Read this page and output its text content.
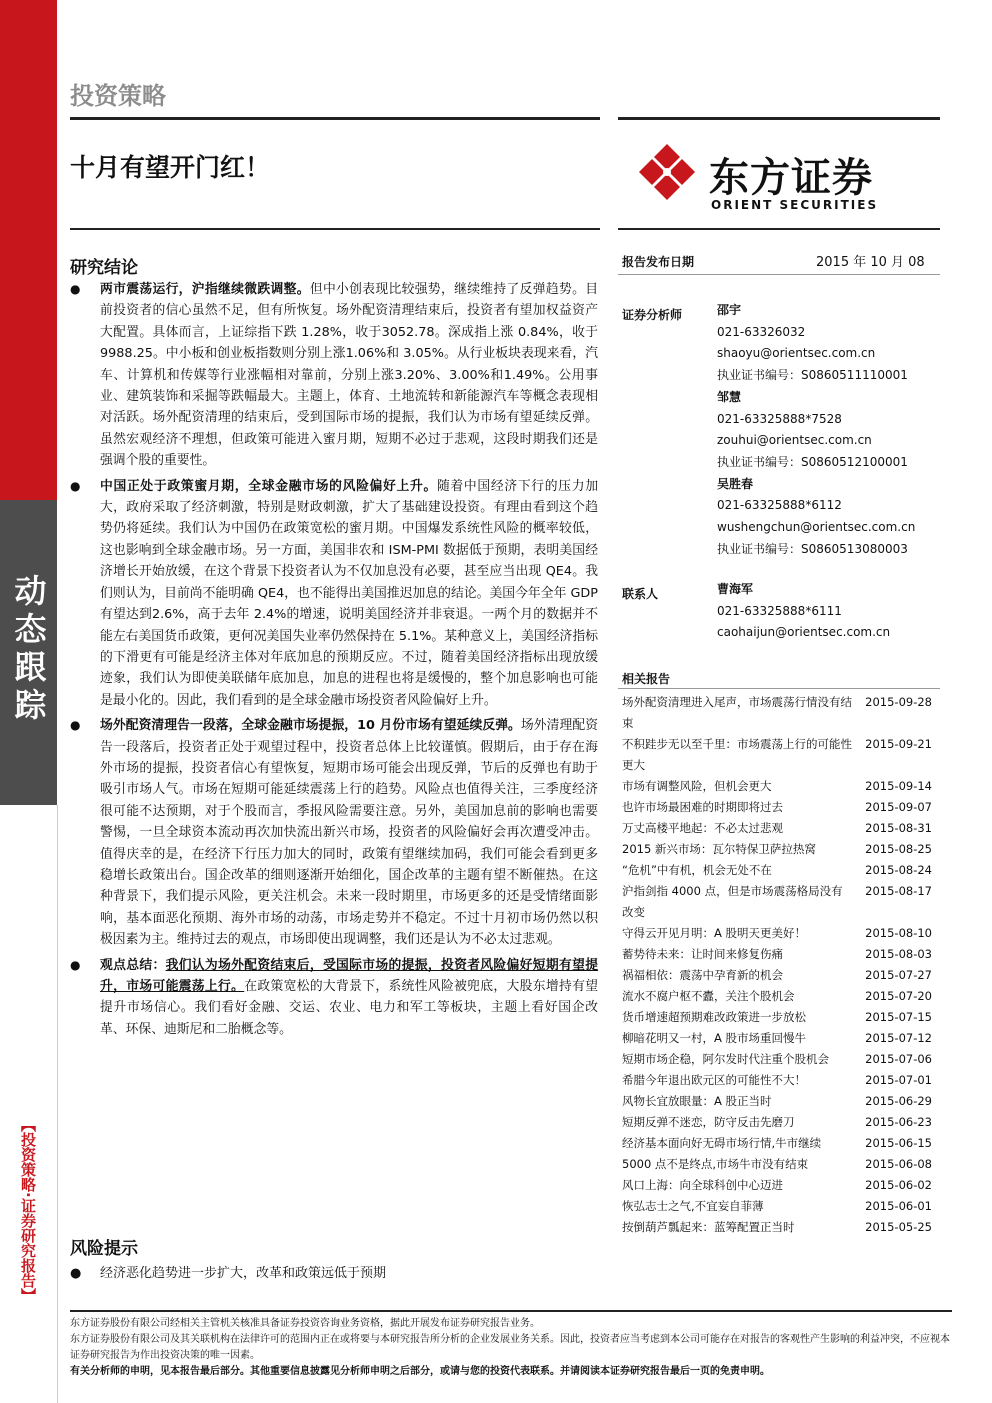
动态跟踪
【投资策略·证券研究报告】
投资策略
十月有望开门红！	东方证券
ORIENT SECURITIES
研究结论
● 两市震荡运行，沪指继续微跌调整。但中小创表现比较强势，继续维持了反弹趋势。目前投资者的信心虽然不足，但有所恢复。场外配资清理结束后，投资者有望加权益资产大配置。具体而言，上证综指下跌 1.28%，收于3052.78。深成指上涨 0.84%，收于 9988.25。中小板和创业板指数则分别上涨1.06%和 3.05%。从行业板块表现来看，汽车、计算机和传媒等行业涨幅相对靠前，分别上涨3.20%、3.00%和1.49%。公用事业、建筑装饰和采掘等跌幅最大。主题上，体育、土地流转和新能源汽车等概念表现相对活跃。场外配资清理的结束后，受到国际市场的提振，我们认为市场有望延续反弹。虽然宏观经济不理想，但政策可能进入蜜月期，短期不必过于悲观，这段时期我们还是强调个股的重要性。
● 中国正处于政策蜜月期，全球金融市场的风险偏好上升。随着中国经济下行的压力加大，政府采取了经济刺激，特别是财政刺激，扩大了基础建设投资。有理由看到这个趋势仍将延续。我们认为中国仍在政策宽松的蜜月期。中国爆发系统性风险的概率较低，这也影响到全球金融市场。另一方面，美国非农和 ISM-PMI 数据低于预期，表明美国经济增长开始放缓，在这个背景下投资者认为不仅加息没有必要，甚至应当出现 QE4。我们则认为，目前尚不能明确 QE4，也不能得出美国推迟加息的结论。美国今年全年 GDP 有望达到2.6%，高于去年 2.4%的增速，说明美国经济并非衰退。一两个月的数据并不能左右美国货币政策，更何况美国失业率仍然保持在 5.1%。某种意义上，美国经济指标的下滑更有可能是经济主体对年底加息的预期反应。不过，随着美国经济指标出现放缓迹象，我们认为即使美联储年底加息，加息的进程也将是缓慢的，整个加息影响也可能是最小化的。因此，我们看到的是全球金融市场投资者风险偏好上升。
● 场外配资清理告一段落，全球金融市场提振，10 月份市场有望延续反弹。场外清理配资告一段落后，投资者正处于观望过程中，投资者总体上比较谨慎。假期后，由于存在海外市场的提振，投资者信心有望恢复，短期市场可能会出现反弹，节后的反弹也有助于吸引市场人气。市场在短期可能延续震荡上行的趋势。风险点也值得关注，三季度经济很可能不达预期，对于个股而言，季报风险需要注意。另外，美国加息前的影响也需要警惕，一旦全球资本流动再次加快流出新兴市场，投资者的风险偏好会再次遭受冲击。值得庆幸的是，在经济下行压力加大的同时，政策有望继续加码，我们可能会看到更多稳增长政策出台。国企改革的细则逐渐开始细化，国企改革的主题有望不断催热。在这种背景下，我们提示风险，更关注机会。未来一段时期里，市场更多的还是受情绪面影响，基本面恶化预期、海外市场的动荡，市场走势并不稳定。不过十月初市场仍然以积极因素为主。维持过去的观点，市场即使出现调整，我们还是认为不必太过悲观。
● 观点总结：我们认为场外配资结束后，受国际市场的提振，投资者风险偏好短期有望提升，市场可能震荡上行。在政策宽松的大背景下，系统性风险被兜底，大股东增持有望提升市场信心。我们看好金融、交运、农业、电力和军工等板块，主题上看好国企改革、环保、迪斯尼和二胎概念等。
风险提示
● 经济恶化趋势进一步扩大，改革和政策远低于预期
报告发布日期	2015 年 10 月 08
证券分析师	邵宇
021-63326032
shaoyu@orientsec.com.cn
执业证书编号：S0860511110001
邹慧
021-63325888*7528
zouhui@orientsec.com.cn
执业证书编号：S0860512100001
吴胜春
021-63325888*6112
wushengchun@orientsec.com.cn
执业证书编号：S0860513080003
联系人	曹海军
021-63325888*6111
caohaijun@orientsec.com.cn
相关报告
场外配资清理进入尾声，市场震荡行情没有结束
2015-09-28
不积跬步无以至千里：市场震荡上行的可能性更大
2015-09-21
市场有调整风险，但机会更大	2015-09-14
也许市场最困难的时期即将过去	2015-09-07
万丈高楼平地起：不必太过悲观	2015-08-31
2015 新兴市场：瓦尔特保卫萨拉热窝	2015-08-25
“危机”中有机，机会无处不在	2015-08-24
沪指剑指 4000 点，但是市场震荡格局没有改变
2015-08-17
守得云开见月明：A 股明天更美好！	2015-08-10
蓄势待未来：让时间来修复伤痛	2015-08-03
祸福相依：震荡中孕育新的机会	2015-07-27
流水不腐户枢不蠹，关注个股机会	2015-07-20
货币增速超预期难改政策进一步放松	2015-07-15
柳暗花明又一村，A 股市场重回慢牛	2015-07-12
短期市场企稳，阿尔发时代注重个股机会	2015-07-06
希腊今年退出欧元区的可能性不大！	2015-07-01
风物长宜放眼量：A 股正当时	2015-06-29
短期反弹不迷恋，防守反击先磨刀	2015-06-23
经济基本面向好无碍市场行情,牛市继续	2015-06-15
5000 点不是终点,市场牛市没有结束	2015-06-08
风口上海：向全球科创中心迈进	2015-06-02
恢弘志士之气,不宜妄自菲薄	2015-06-01
按倒葫芦瓢起来：蓝筹配置正当时	2015-05-25
东方证券股份有限公司经相关主管机关核准具备证券投资咨询业务资格，据此开展发布证券研究报告业务。
东方证券股份有限公司及其关联机构在法律许可的范围内正在或将要与本研究报告所分析的企业发展业务关系。因此，投资者应当考虑到本公司可能存在对报告的客观性产生影响的利益冲突，不应视本证券研究报告为作出投资决策的唯一因素。
有关分析师的申明，见本报告最后部分。其他重要信息披露见分析师申明之后部分，或请与您的投资代表联系。并请阅读本证券研究报告最后一页的免责申明。
